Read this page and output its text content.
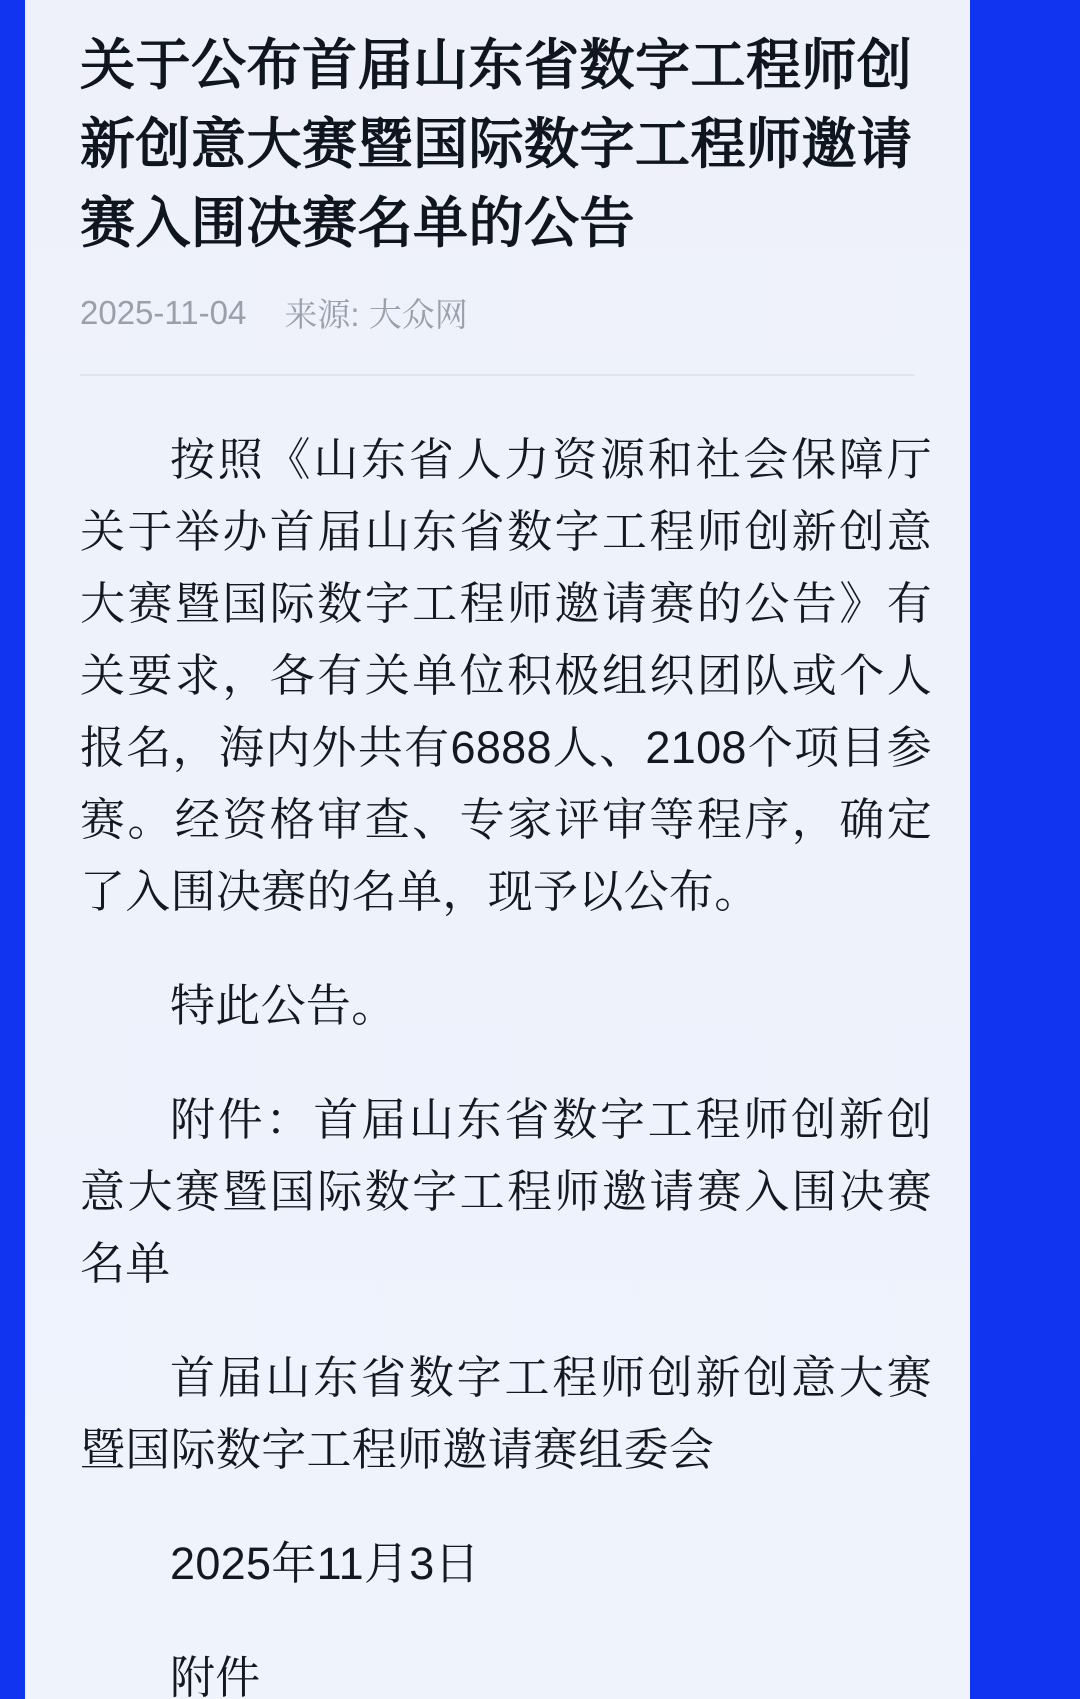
关于公布首届山东省数字工程师创新创意大赛暨国际数字工程师邀请赛入围决赛名单的公告
2025-11-04 来源: 大众网

按照《山东省人力资源和社会保障厅关于举办首届山东省数字工程师创新创意大赛暨国际数字工程师邀请赛的公告》有关要求，各有关单位积极组织团队或个人报名，海内外共有6888人、2108个项目参赛。经资格审查、专家评审等程序，确定了入围决赛的名单，现予以公布。

特此公告。

附件：首届山东省数字工程师创新创意大赛暨国际数字工程师邀请赛入围决赛名单

首届山东省数字工程师创新创意大赛暨国际数字工程师邀请赛组委会

2025年11月3日

附件
